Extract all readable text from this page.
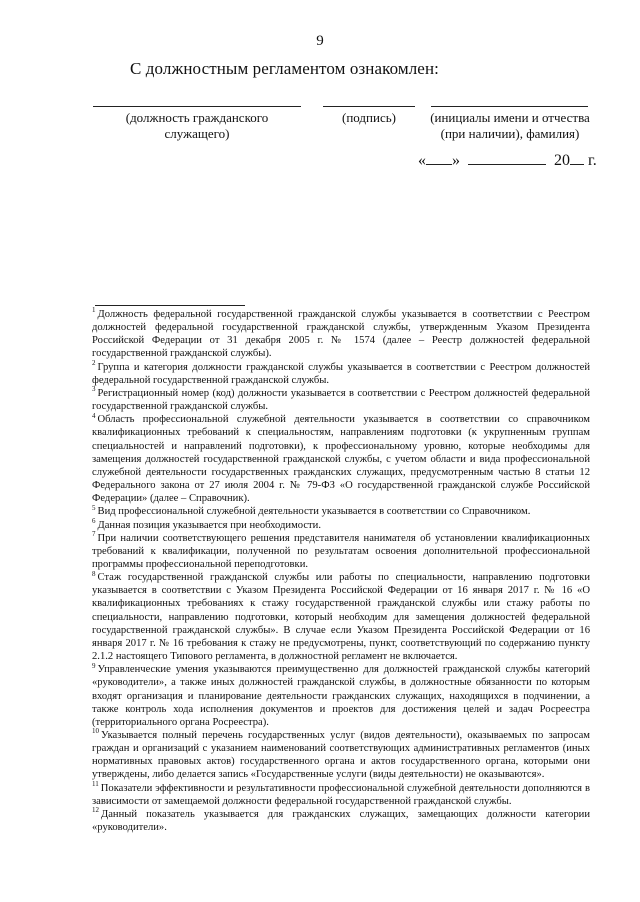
9
С должностным регламентом ознакомлен:
(должность гражданского служащего)
(подпись)	(инициалы имени и отчества
(при наличии), фамилия)
« »	20 г.

$^1$ Должность федеральной государственной гражданской службы указывается в соответствии с Реестром должностей федеральной государственной гражданской службы, утвержденным Указом Президента Российской Федерации от 31 декабря 2005 г. № 1574 (далее – Реестр должностей федеральной государственной гражданской службы).

$^2$ Группа и категория должности гражданской службы указывается в соответствии с Реестром должностей федеральной государственной гражданской службы.

$^3$ Регистрационный номер (код) должности указывается в соответствии с Реестром должностей федеральной государственной гражданской службы.

$^4$ Область профессиональной служебной деятельности указывается в соответствии со справочником квалификационных требований к специальностям, направлениям подготовки (к укрупненным группам специальностей и направлений подготовки), к профессиональному уровню, которые необходимы для замещения должностей государственной гражданской службы, с учетом области и вида профессиональной служебной деятельности государственных гражданских служащих, предусмотренным частью 8 статьи 12 Федерального закона от 27 июля 2004 г. № 79-ФЗ «О государственной гражданской службе Российской Федерации» (далее – Справочник).

$^5$ Вид профессиональной служебной деятельности указывается в соответствии со Справочником.

$^6$ Данная позиция указывается при необходимости.

$^7$ При наличии соответствующего решения представителя нанимателя об установлении квалификационных требований к квалификации, полученной по результатам освоения дополнительной профессиональной программы профессиональной переподготовки.

$^8$ Стаж государственной гражданской службы или работы по специальности, направлению подготовки указывается в соответствии с Указом Президента Российской Федерации от 16 января 2017 г. № 16 «О квалификационных требованиях к стажу государственной гражданской службы или стажу работы по специальности, направлению подготовки, который необходим для замещения должностей федеральной государственной гражданской службы». В случае если Указом Президента Российской Федерации от 16 января 2017 г. № 16 требования к стажу не предусмотрены, пункт, соответствующий по содержанию пункту 2.1.2 настоящего Типового регламента, в должностной регламент не включается.

$^9$ Управленческие умения указываются преимущественно для должностей гражданской службы категорий «руководители», а также иных должностей гражданской службы, в должностные обязанности по которым входят организация и планирование деятельности гражданских служащих, находящихся в подчинении, а также контроль хода исполнения документов и проектов для достижения целей и задач Росреестра (территориального органа Росреестра).

$^{10}$ Указывается полный перечень государственных услуг (видов деятельности), оказываемых по запросам граждан и организаций с указанием наименований соответствующих административных регламентов (иных нормативных правовых актов) государственного органа и актов государственного органа, которыми они утверждены, либо делается запись «Государственные услуги (виды деятельности) не оказываются».

$^{11}$ Показатели эффективности и результативности профессиональной служебной деятельности дополняются в зависимости от замещаемой должности федеральной государственной гражданской службы.

$^{12}$ Данный показатель указывается для гражданских служащих, замещающих должности категории «руководители».
